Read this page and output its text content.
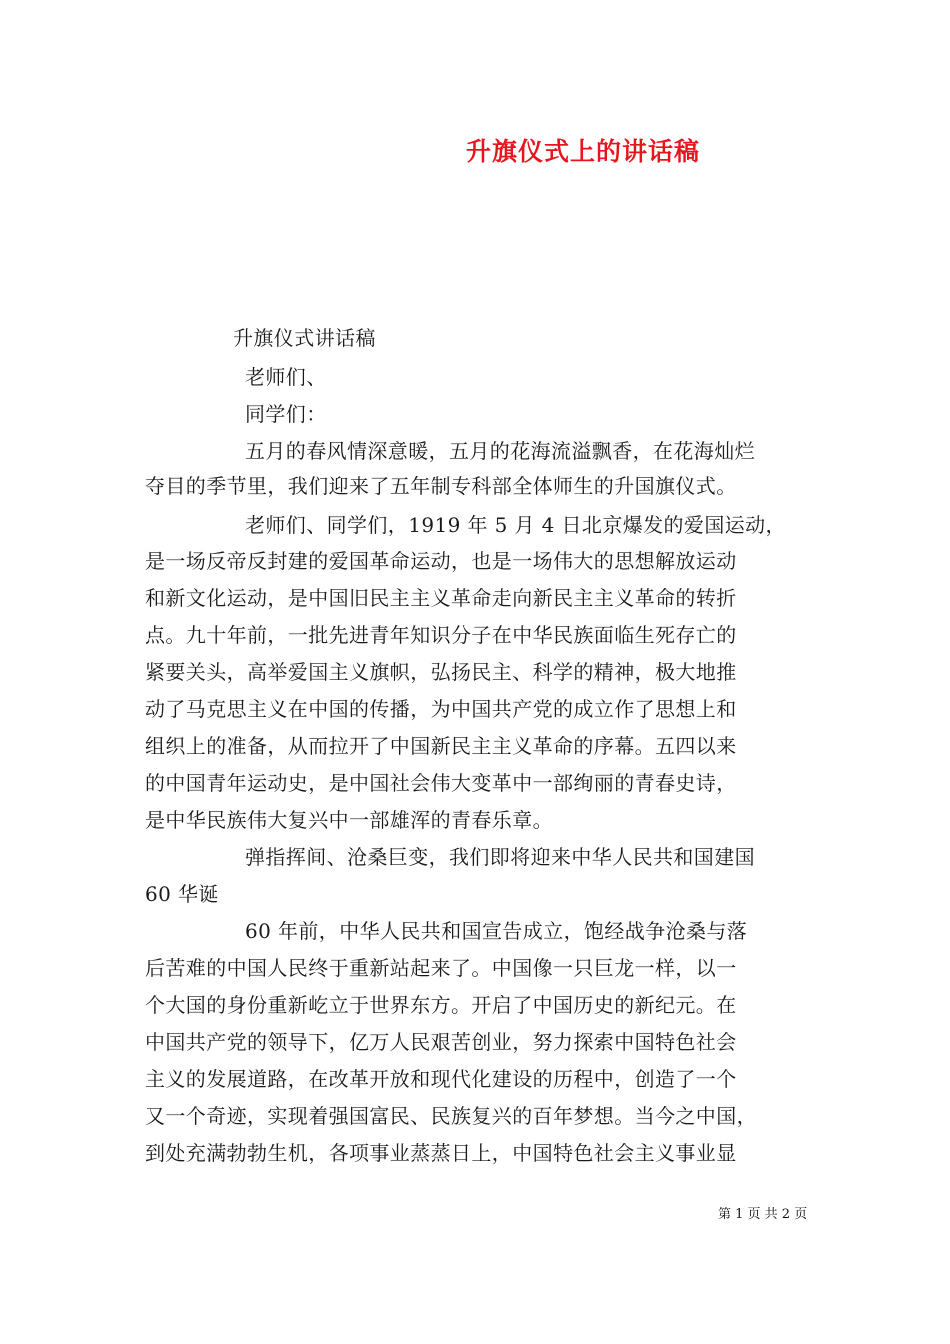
升旗仪式上的讲话稿
升旗仪式讲话稿
老师们、
同学们：
五月的春风情深意暖，五月的花海流溢飘香，在花海灿烂
夺目的季节里，我们迎来了五年制专科部全体师生的升国旗仪式。
老师们、同学们，1919 年 5 月 4 日北京爆发的爱国运动，
是一场反帝反封建的爱国革命运动，也是一场伟大的思想解放运动
和新文化运动，是中国旧民主主义革命走向新民主主义革命的转折
点。九十年前，一批先进青年知识分子在中华民族面临生死存亡的
紧要关头，高举爱国主义旗帜，弘扬民主、科学的精神，极大地推
动了马克思主义在中国的传播，为中国共产党的成立作了思想上和
组织上的准备，从而拉开了中国新民主主义革命的序幕。五四以来
的中国青年运动史，是中国社会伟大变革中一部绚丽的青春史诗，
是中华民族伟大复兴中一部雄浑的青春乐章。
弹指挥间、沧桑巨变，我们即将迎来中华人民共和国建国
60 华诞
60 年前，中华人民共和国宣告成立，饱经战争沧桑与落
后苦难的中国人民终于重新站起来了。中国像一只巨龙一样，以一
个大国的身份重新屹立于世界东方。开启了中国历史的新纪元。在
中国共产党的领导下，亿万人民艰苦创业，努力探索中国特色社会
主义的发展道路，在改革开放和现代化建设的历程中，创造了一个
又一个奇迹，实现着强国富民、民族复兴的百年梦想。当今之中国，
到处充满勃勃生机，各项事业蒸蒸日上，中国特色社会主义事业显
第 1 页 共 2 页
